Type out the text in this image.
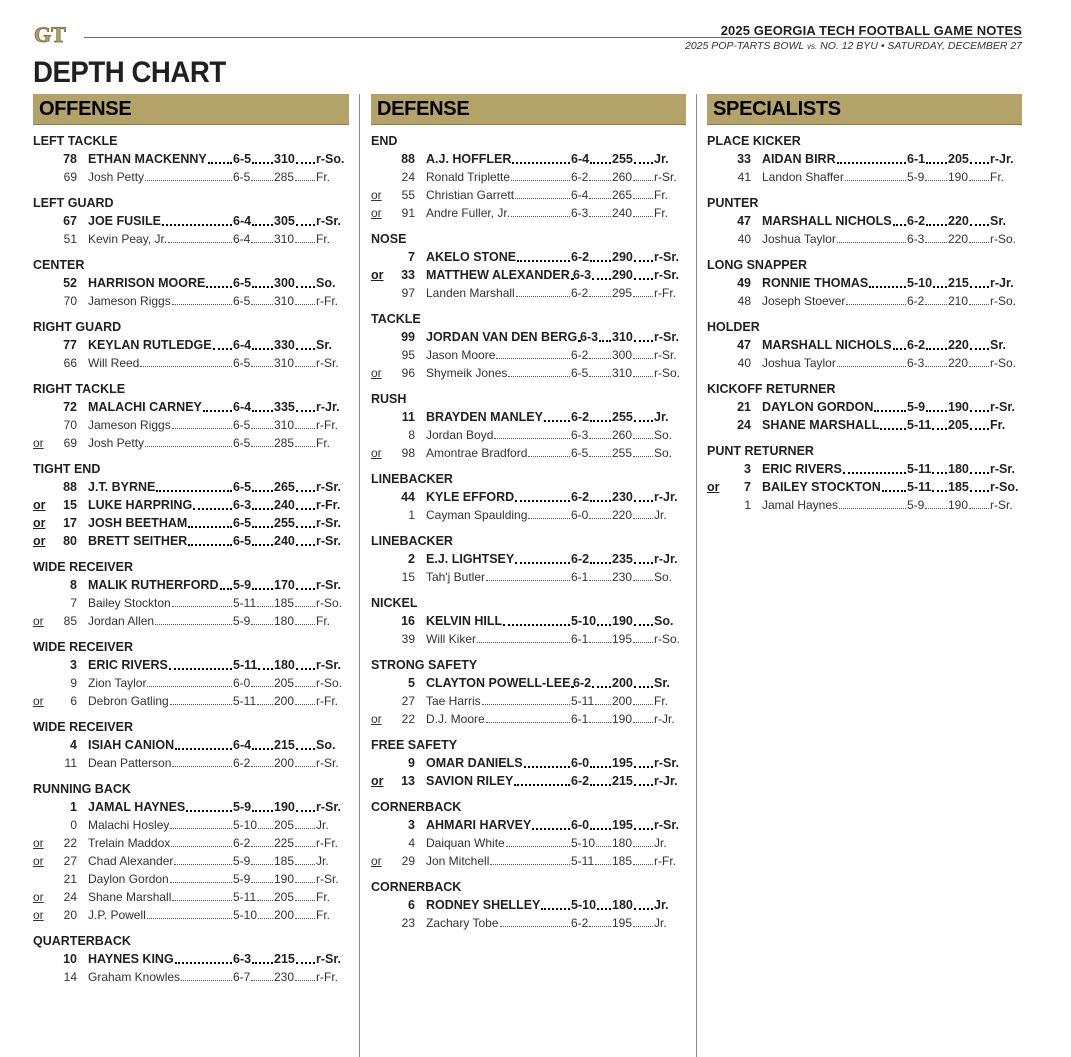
GT	2025 GEORGIA TECH FOOTBALL GAME NOTES
2025 POP-TARTS BOWL vs. NO. 12 BYU • SATURDAY, DECEMBER 27
DEPTH CHART
OFFENSE
LEFT TACKLE
78 ETHAN MACKENNY 6-5 310 r-So.
69 Josh Petty	6-5 285 Fr.
LEFT GUARD
67 JOE FUSILE	6-4 305 r-Sr.
51 Kevin Peay, Jr.	6-4 310 Fr.
CENTER
52 HARRISON MOORE 6-5 300 So.
70 Jameson Riggs	6-5 310 r-Fr.
RIGHT GUARD
77 KEYLAN RUTLEDGE 6-4 330 Sr.
66 Will Reed	6-5 310 r-Sr.
RIGHT TACKLE
72 MALACHI CARNEY 6-4 335 r-Jr.
70 Jameson Riggs	6-5 310 r-Fr.
or	69 Josh Petty	6-5 285 Fr.
TIGHT END
88 J.T. BYRNE	6-5 265 r-Sr.
or	15 LUKE HARPRING	6-3 240 r-Fr.
or	17 JOSH BEETHAM	6-5 255 r-Sr.
or	80 BRETT SEITHER	6-5 240 r-Sr.
WIDE RECEIVER
8 MALIK RUTHERFORD 5-9 170 r-Sr.
7 Bailey Stockton	5-11 185 r-So.
or	85 Jordan Allen	5-9 180 Fr.
WIDE RECEIVER
3 ERIC RIVERS	5-11 180 r-Sr.
9 Zion Taylor	6-0 205 r-So.
or	6 Debron Gatling	5-11 200 r-Fr.
WIDE RECEIVER
4 ISIAH CANION	6-4 215 So.
11 Dean Patterson	6-2 200 r-Sr.
RUNNING BACK
1 JAMAL HAYNES	5-9 190 r-Sr.
0 Malachi Hosley	5-10 205 Jr.
or	22 Trelain Maddox	6-2 225 r-Fr.
or	27 Chad Alexander	5-9 185 Jr.
21 Daylon Gordon	5-9 190 r-Sr.
or	24 Shane Marshall	5-11 205 Fr.
or	20 J.P. Powell	5-10 200 Fr.
QUARTERBACK
10 HAYNES KING	6-3 215 r-Sr.
14 Graham Knowles	6-7 230 r-Fr.
DEFENSE
END
88 A.J. HOFFLER	6-4 255 Jr.
24 Ronald Triplette	6-2 260 r-Sr.
or	55 Christian Garrett	6-4 265 Fr.
or	91 Andre Fuller, Jr.	6-3 240 Fr.
NOSE
7 AKELO STONE	6-2 290 r-Sr.
or	33 MATTHEW ALEXANDER 6-3 290 r-Sr.
97 Landen Marshall	6-2 295 r-Fr.
TACKLE
99 JORDAN VAN DEN BERG 6-3 310 r-Sr.
95 Jason Moore	6-2 300 r-Sr.
or	96 Shymeik Jones	6-5 310 r-So.
RUSH
11 BRAYDEN MANLEY 6-2 255 Jr.
8 Jordan Boyd	6-3 260 So.
or	98 Amontrae Bradford	6-5 255 So.
LINEBACKER
44 KYLE EFFORD	6-2 230 r-Jr.
1 Cayman Spaulding	6-0 220 Jr.
LINEBACKER
2 E.J. LIGHTSEY	6-2 235 r-Jr.
15 Tah'j Butler	6-1 230 So.
NICKEL
16 KELVIN HILL	5-10 190 So.
39 Will Kiker	6-1 195 r-So.
STRONG SAFETY
5 CLAYTON POWELL-LEE 6-2 200 Sr.
27 Tae Harris	5-11 200 Fr.
or	22 D.J. Moore	6-1 190 r-Jr.
FREE SAFETY
9 OMAR DANIELS	6-0 195 r-Sr.
or	13 SAVION RILEY	6-2 215 r-Jr.
CORNERBACK
3 AHMARI HARVEY	6-0 195 r-Sr.
4 Daiquan White	5-10 180 Jr.
or	29 Jon Mitchell	5-11 185 r-Fr.
CORNERBACK
6 RODNEY SHELLEY 5-10 180 Jr.
23 Zachary Tobe	6-2 195 Jr.
SPECIALISTS
PLACE KICKER
33 AIDAN BIRR	6-1 205 r-Jr.
41 Landon Shaffer	5-9 190 Fr.
PUNTER
47 MARSHALL NICHOLS 6-2 220 Sr.
40 Joshua Taylor	6-3 220 r-So.
LONG SNAPPER
49 RONNIE THOMAS	5-10 215 r-Jr.
48 Joseph Stoever	6-2 210 r-So.
HOLDER
47 MARSHALL NICHOLS 6-2 220 Sr.
40 Joshua Taylor	6-3 220 r-So.
KICKOFF RETURNER
21 DAYLON GORDON	5-9 190 r-Sr.
24 SHANE MARSHALL 5-11 205 Fr.
PUNT RETURNER
3 ERIC RIVERS	5-11 180 r-Sr.
or	7 BAILEY STOCKTON 5-11 185 r-So.
1 Jamal Haynes	5-9 190 r-Sr.
